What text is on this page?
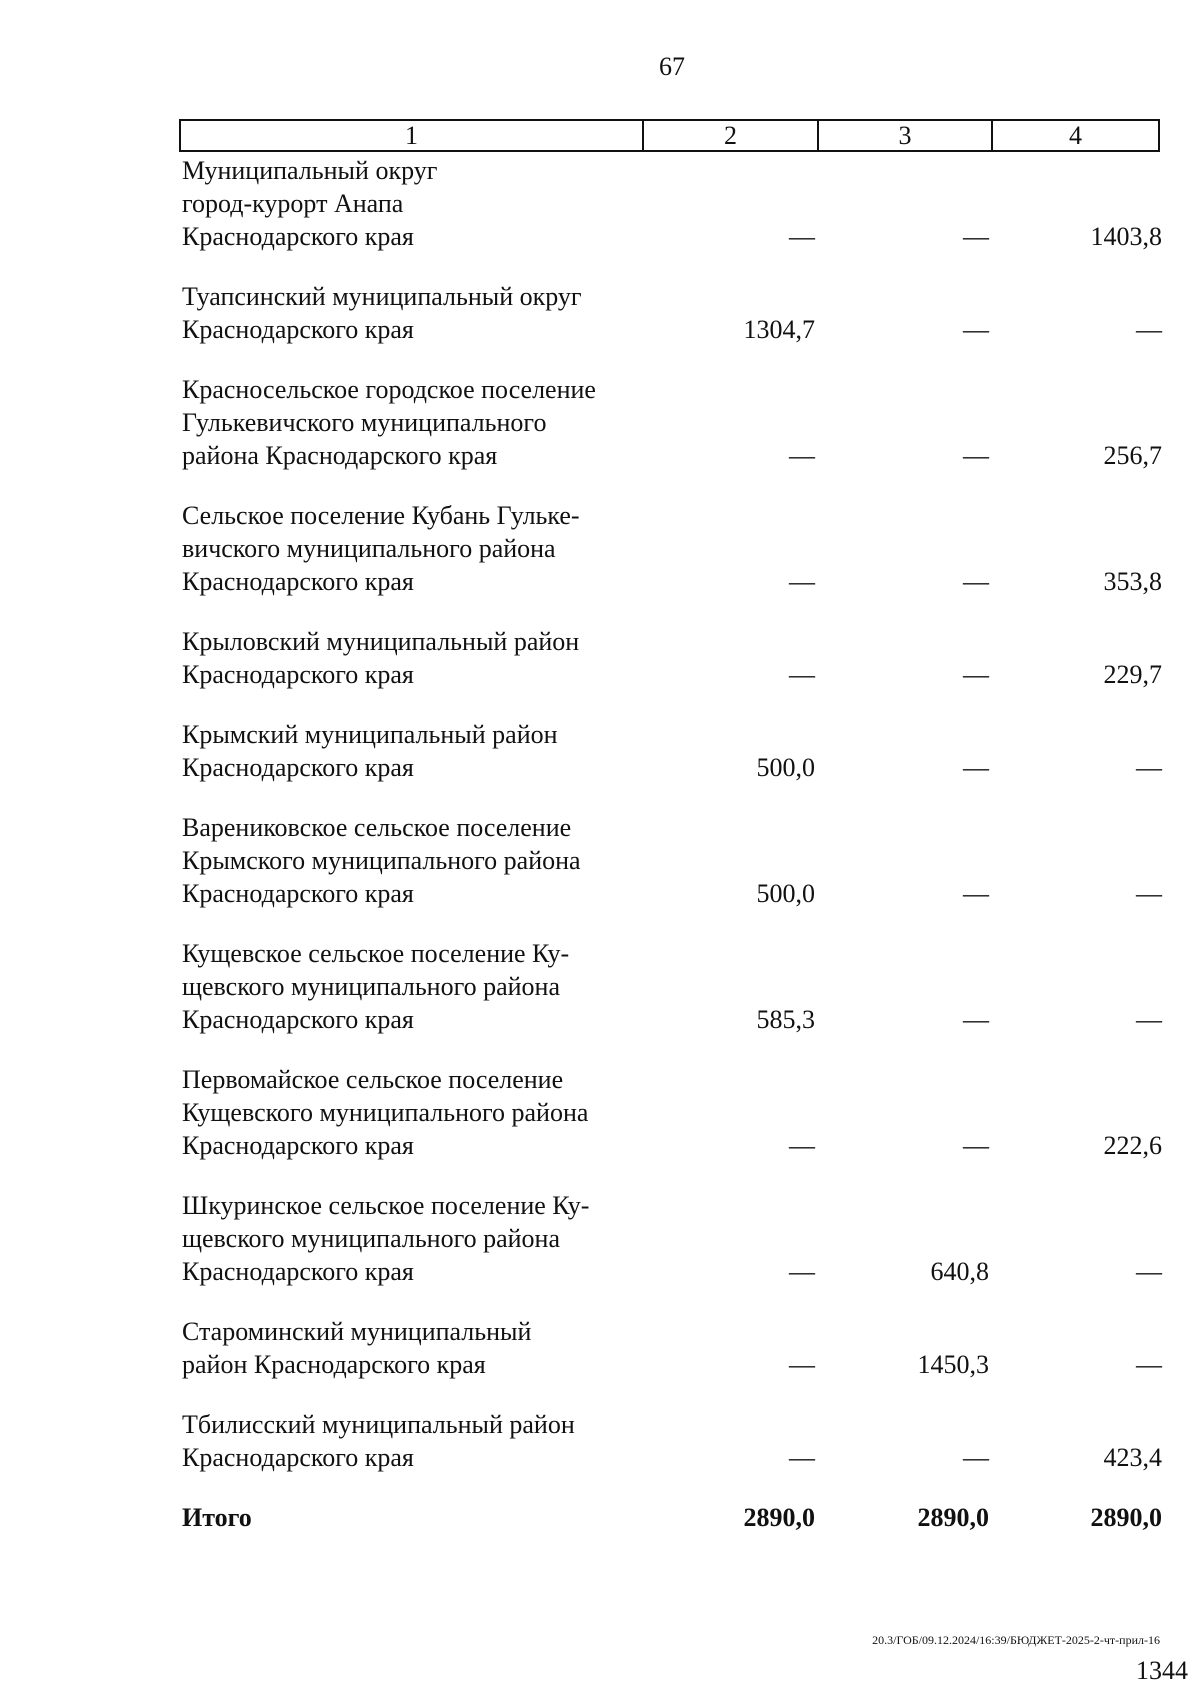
67
1	2	3	4
Муниципальный округ
город-курорт Анапа
Краснодарского края	—	—	1403,8
Туапсинский муниципальный округ
Краснодарского края	1304,7	—	—
Красносельское городское поселение
Гулькевичского муниципального
района Краснодарского края	—	—	256,7
Сельское поселение Кубань Гульке-
вичского муниципального района
Краснодарского края	—	—	353,8
Крыловский муниципальный район
Краснодарского края	—	—	229,7
Крымский муниципальный район
Краснодарского края	500,0	—	—
Варениковское сельское поселение
Крымского муниципального района
Краснодарского края	500,0	—	—
Кущевское сельское поселение Ку-
щевского муниципального района
Краснодарского края	585,3	—	—
Первомайское сельское поселение
Кущевского муниципального района
Краснодарского края	—	—	222,6
Шкуринское сельское поселение Ку-
щевского муниципального района
Краснодарского края	—	640,8	—
Староминский муниципальный
район Краснодарского края	—	1450,3	—
Тбилисский муниципальный район
Краснодарского края	—	—	423,4
Итого	2890,0	2890,0	2890,0
20.3/ГОБ/09.12.2024/16:39/БЮДЖЕТ-2025-2-чт-прил-16
1344
